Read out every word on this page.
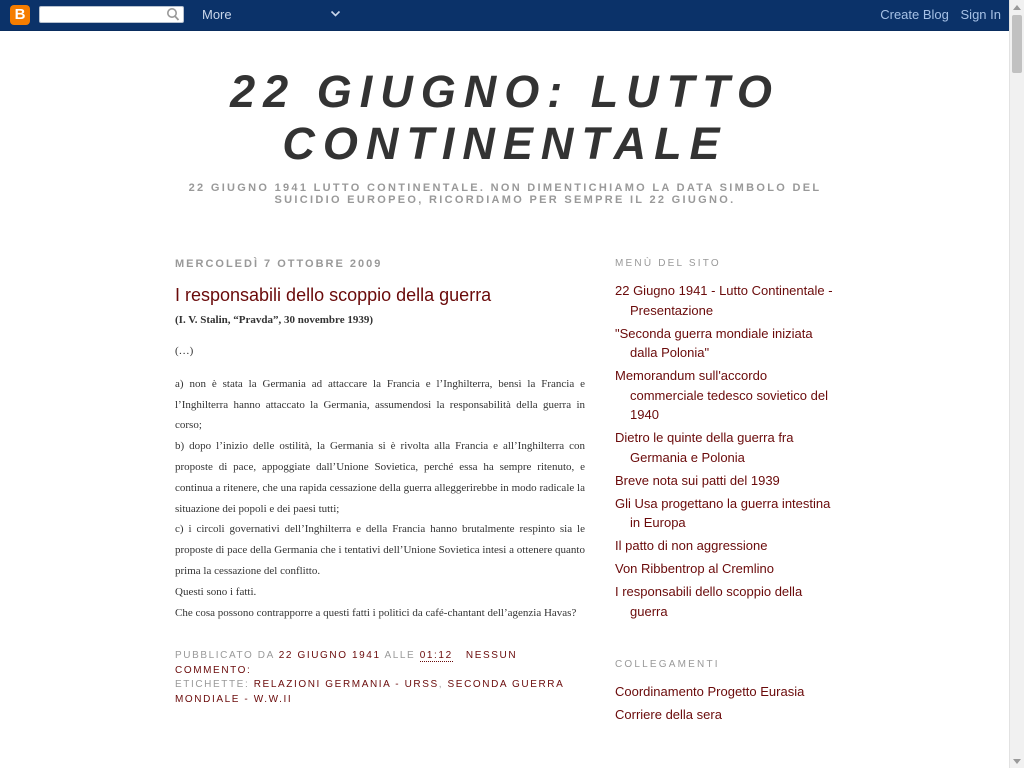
B	More	Create Blog Sign In
22 GIUGNO: LUTTO CONTINENTALE
22 GIUGNO 1941 LUTTO CONTINENTALE. NON DIMENTICHIAMO LA DATA SIMBOLO DEL SUICIDIO EUROPEO, RICORDIAMO PER SEMPRE IL 22 GIUGNO.
MERCOLEDÌ 7 OTTOBRE 2009
I responsabili dello scoppio della guerra

(I. V. Stalin, “Pravda”, 30 novembre 1939)

(…)

a) non è stata la Germania ad attaccare la Francia e l’Inghilterra, bensì la Francia e l’Inghilterra hanno attaccato la Germania, assumendosi la responsabilità della guerra in corso;

b) dopo l’inizio delle ostilità, la Germania si è rivolta alla Francia e all’Inghilterra con proposte di pace, appoggiate dall’Unione Sovietica, perché essa ha sempre ritenuto, e continua a ritenere, che una rapida cessazione della guerra alleggerirebbe in modo radicale la situazione dei popoli e dei paesi tutti;

c) i circoli governativi dell’Inghilterra e della Francia hanno brutalmente respinto sia le proposte di pace della Germania che i tentativi dell’Unione Sovietica intesi a ottenere quanto prima la cessazione del conflitto.

Questi sono i fatti.

Che cosa possono contrapporre a questi fatti i politici da café-chantant dell’agenzia Havas?

PUBBLICATO DA 22 GIUGNO 1941 ALLE 01:12 NESSUN COMMENTO:
ETICHETTE: RELAZIONI GERMANIA - URSS, SECONDA GUERRA MONDIALE - W.W.II
MENÙ DEL SITO
22 Giugno 1941 - Lutto Continentale - Presentazione
"Seconda guerra mondiale iniziata dalla Polonia"
Memorandum sull'accordo commerciale tedesco sovietico del 1940
Dietro le quinte della guerra fra Germania e Polonia
Breve nota sui patti del 1939
Gli Usa progettano la guerra intestina in Europa
Il patto di non aggressione
Von Ribbentrop al Cremlino
I responsabili dello scoppio della guerra
COLLEGAMENTI
Coordinamento Progetto Eurasia
Corriere della sera
